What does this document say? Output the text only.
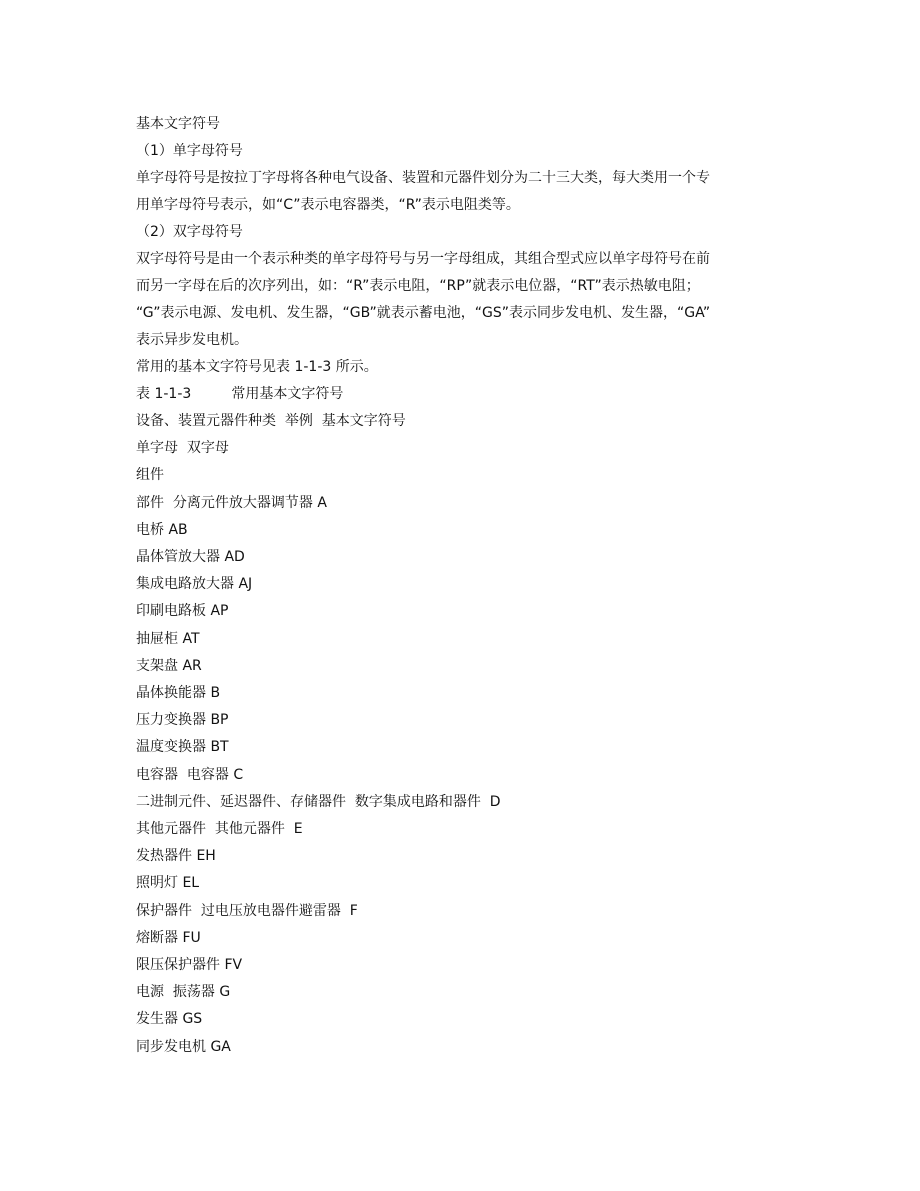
基本文字符号
（1）单字母符号
单字母符号是按拉丁字母将各种电气设备、装置和元器件划分为二十三大类，每大类用一个专
用单字母符号表示，如“C”表示电容器类，“R”表示电阻类等。
（2）双字母符号
双字母符号是由一个表示种类的单字母符号与另一字母组成，其组合型式应以单字母符号在前
而另一字母在后的次序列出，如：“R”表示电阻，“RP”就表示电位器，“RT”表示热敏电阻；
“G”表示电源、发电机、发生器，“GB”就表示蓄电池，“GS”表示同步发电机、发生器，“GA”
表示异步发电机。
常用的基本文字符号见表 1-1-3 所示。
表 1-1-3         常用基本文字符号
设备、装置元器件种类  举例  基本文字符号
单字母  双字母
组件
部件  分离元件放大器调节器 A
电桥 AB
晶体管放大器 AD
集成电路放大器 AJ
印刷电路板 AP
抽屉柜 AT
支架盘 AR
晶体换能器 B
压力变换器 BP
温度变换器 BT
电容器  电容器 C
二进制元件、延迟器件、存储器件  数字集成电路和器件  D
其他元器件  其他元器件  E
发热器件 EH
照明灯 EL
保护器件  过电压放电器件避雷器  F
熔断器 FU
限压保护器件 FV
电源  振荡器 G
发生器 GS
同步发电机 GA
